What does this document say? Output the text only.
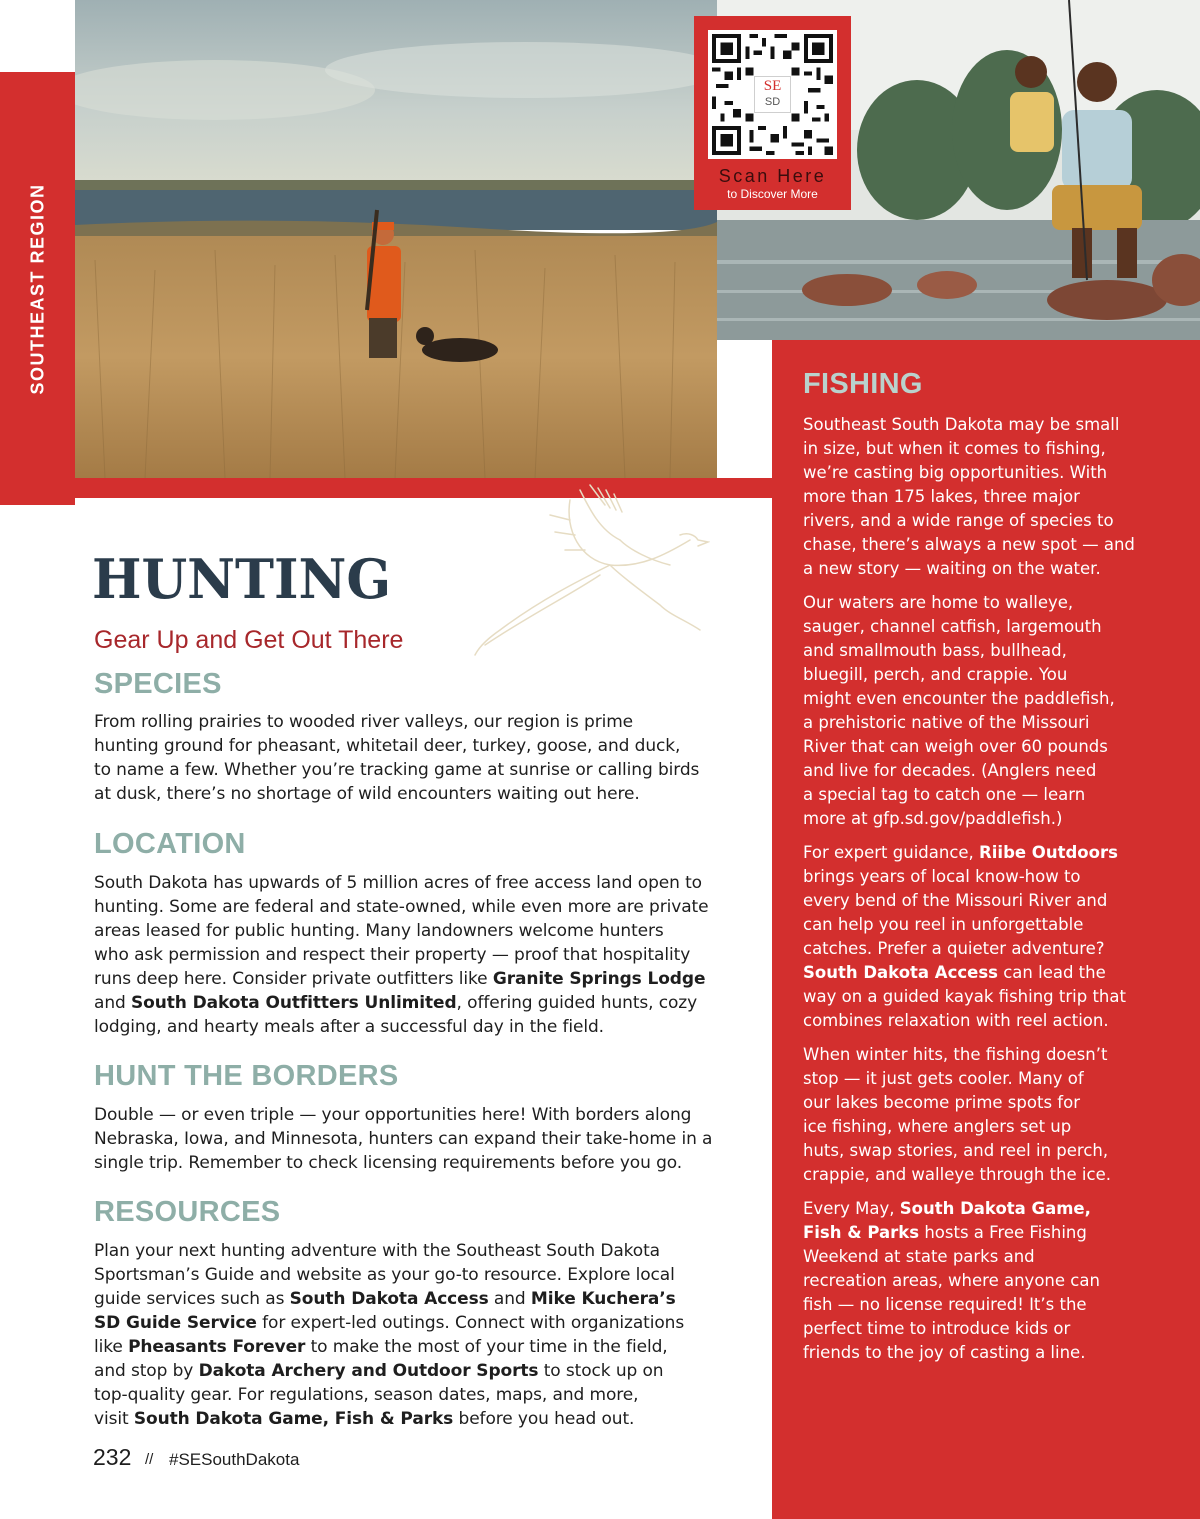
SOUTHEAST REGION
SE
SD
Scan Here
to Discover More
HUNTING
Gear Up and Get Out There
SPECIES
From rolling prairies to wooded river valleys, our region is prime
hunting ground for pheasant, whitetail deer, turkey, goose, and duck,
to name a few. Whether you’re tracking game at sunrise or calling birds
at dusk, there’s no shortage of wild encounters waiting out here.
LOCATION
South Dakota has upwards of 5 million acres of free access land open to
hunting. Some are federal and state-owned, while even more are private
areas leased for public hunting. Many landowners welcome hunters
who ask permission and respect their property — proof that hospitality
runs deep here. Consider private outfitters like Granite Springs Lodge
and South Dakota Outfitters Unlimited, offering guided hunts, cozy
lodging, and hearty meals after a successful day in the field.
HUNT THE BORDERS
Double — or even triple — your opportunities here! With borders along
Nebraska, Iowa, and Minnesota, hunters can expand their take-home in a
single trip. Remember to check licensing requirements before you go.
RESOURCES
Plan your next hunting adventure with the Southeast South Dakota
Sportsman’s Guide and website as your go-to resource. Explore local
guide services such as South Dakota Access and Mike Kuchera’s
SD Guide Service for expert-led outings. Connect with organizations
like Pheasants Forever to make the most of your time in the field,
and stop by Dakota Archery and Outdoor Sports to stock up on
top-quality gear. For regulations, season dates, maps, and more,
visit South Dakota Game, Fish & Parks before you head out.
FISHING
Southeast South Dakota may be small
in size, but when it comes to fishing,
we’re casting big opportunities. With
more than 175 lakes, three major
rivers, and a wide range of species to
chase, there’s always a new spot — and
a new story — waiting on the water.
Our waters are home to walleye,
sauger, channel catfish, largemouth
and smallmouth bass, bullhead,
bluegill, perch, and crappie. You
might even encounter the paddlefish,
a prehistoric native of the Missouri
River that can weigh over 60 pounds
and live for decades. (Anglers need
a special tag to catch one — learn
more at gfp.sd.gov/paddlefish.)
For expert guidance, Riibe Outdoors
brings years of local know-how to
every bend of the Missouri River and
can help you reel in unforgettable
catches. Prefer a quieter adventure?
South Dakota Access can lead the
way on a guided kayak fishing trip that
combines relaxation with reel action.
When winter hits, the fishing doesn’t
stop — it just gets cooler. Many of
our lakes become prime spots for
ice fishing, where anglers set up
huts, swap stories, and reel in perch,
crappie, and walleye through the ice.
Every May, South Dakota Game,
Fish & Parks hosts a Free Fishing
Weekend at state parks and
recreation areas, where anyone can
fish — no license required! It’s the
perfect time to introduce kids or
friends to the joy of casting a line.
232 // #SESouthDakota
